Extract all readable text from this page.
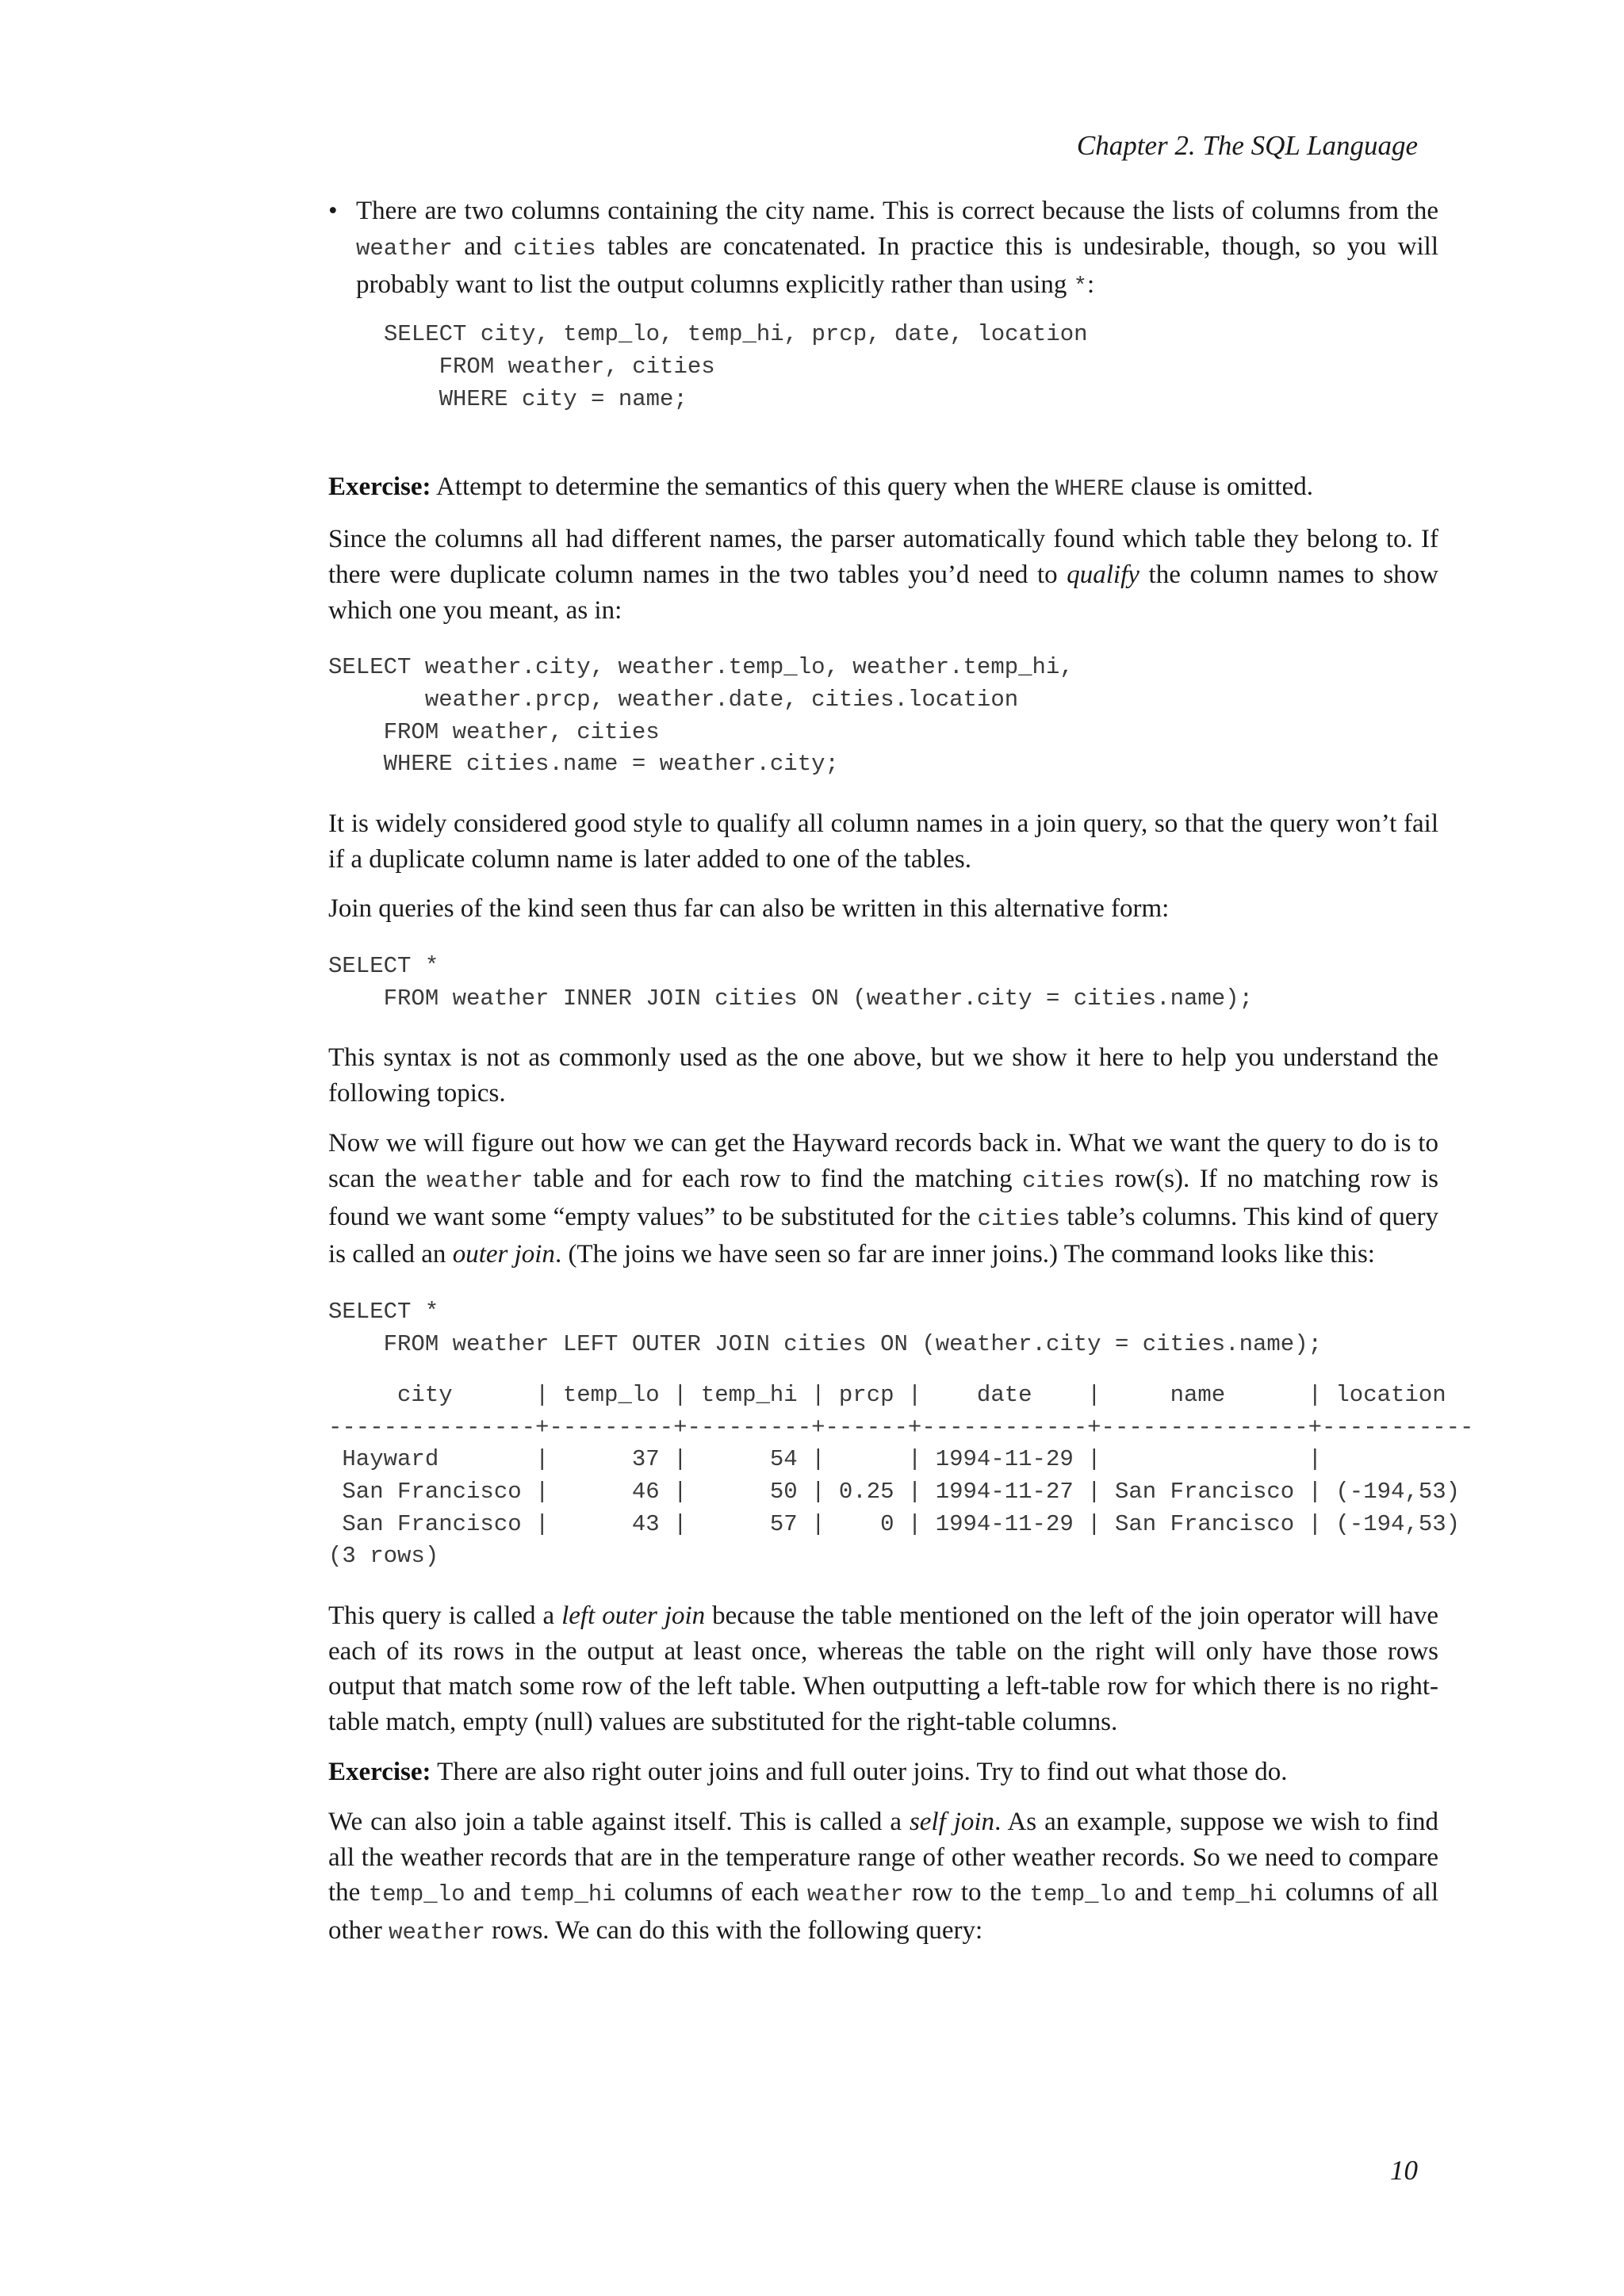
Chapter 2. The SQL Language
• There are two columns containing the city name. This is correct because the lists of columns from the weather and cities tables are concatenated. In practice this is undesirable, though, so you will probably want to list the output columns explicitly rather than using *:

SELECT city, temp_lo, temp_hi, prcp, date, location
FROM weather, cities
WHERE city = name;

Exercise: Attempt to determine the semantics of this query when the WHERE clause is omitted.

Since the columns all had different names, the parser automatically found which table they belong to. If there were duplicate column names in the two tables you’d need to qualify the column names to show which one you meant, as in:

SELECT weather.city, weather.temp_lo, weather.temp_hi,
weather.prcp, weather.date, cities.location
FROM weather, cities
WHERE cities.name = weather.city;

It is widely considered good style to qualify all column names in a join query, so that the query won’t fail if a duplicate column name is later added to one of the tables.

Join queries of the kind seen thus far can also be written in this alternative form:

SELECT *
FROM weather INNER JOIN cities ON (weather.city = cities.name);

This syntax is not as commonly used as the one above, but we show it here to help you understand the following topics.

Now we will figure out how we can get the Hayward records back in. What we want the query to do is to scan the weather table and for each row to find the matching cities row(s). If no matching row is found we want some “empty values” to be substituted for the cities table’s columns. This kind of query is called an outer join. (The joins we have seen so far are inner joins.) The command looks like this:

SELECT *
FROM weather LEFT OUTER JOIN cities ON (weather.city = cities.name);
city      | temp_lo | temp_hi | prcp |    date    |     name      | location
---------------+---------+---------+------+------------+---------------+-----------
Hayward       |      37 |      54 |      | 1994-11-29 |               |
San Francisco |      46 |      50 | 0.25 | 1994-11-27 | San Francisco | (-194,53)
San Francisco |      43 |      57 |    0 | 1994-11-29 | San Francisco | (-194,53)
(3 rows)

This query is called a left outer join because the table mentioned on the left of the join operator will have each of its rows in the output at least once, whereas the table on the right will only have those rows output that match some row of the left table. When outputting a left-table row for which there is no right-table match, empty (null) values are substituted for the right-table columns.

Exercise: There are also right outer joins and full outer joins. Try to find out what those do.

We can also join a table against itself. This is called a self join. As an example, suppose we wish to find all the weather records that are in the temperature range of other weather records. So we need to compare the temp_lo and temp_hi columns of each weather row to the temp_lo and temp_hi columns of all other weather rows. We can do this with the following query:

10
